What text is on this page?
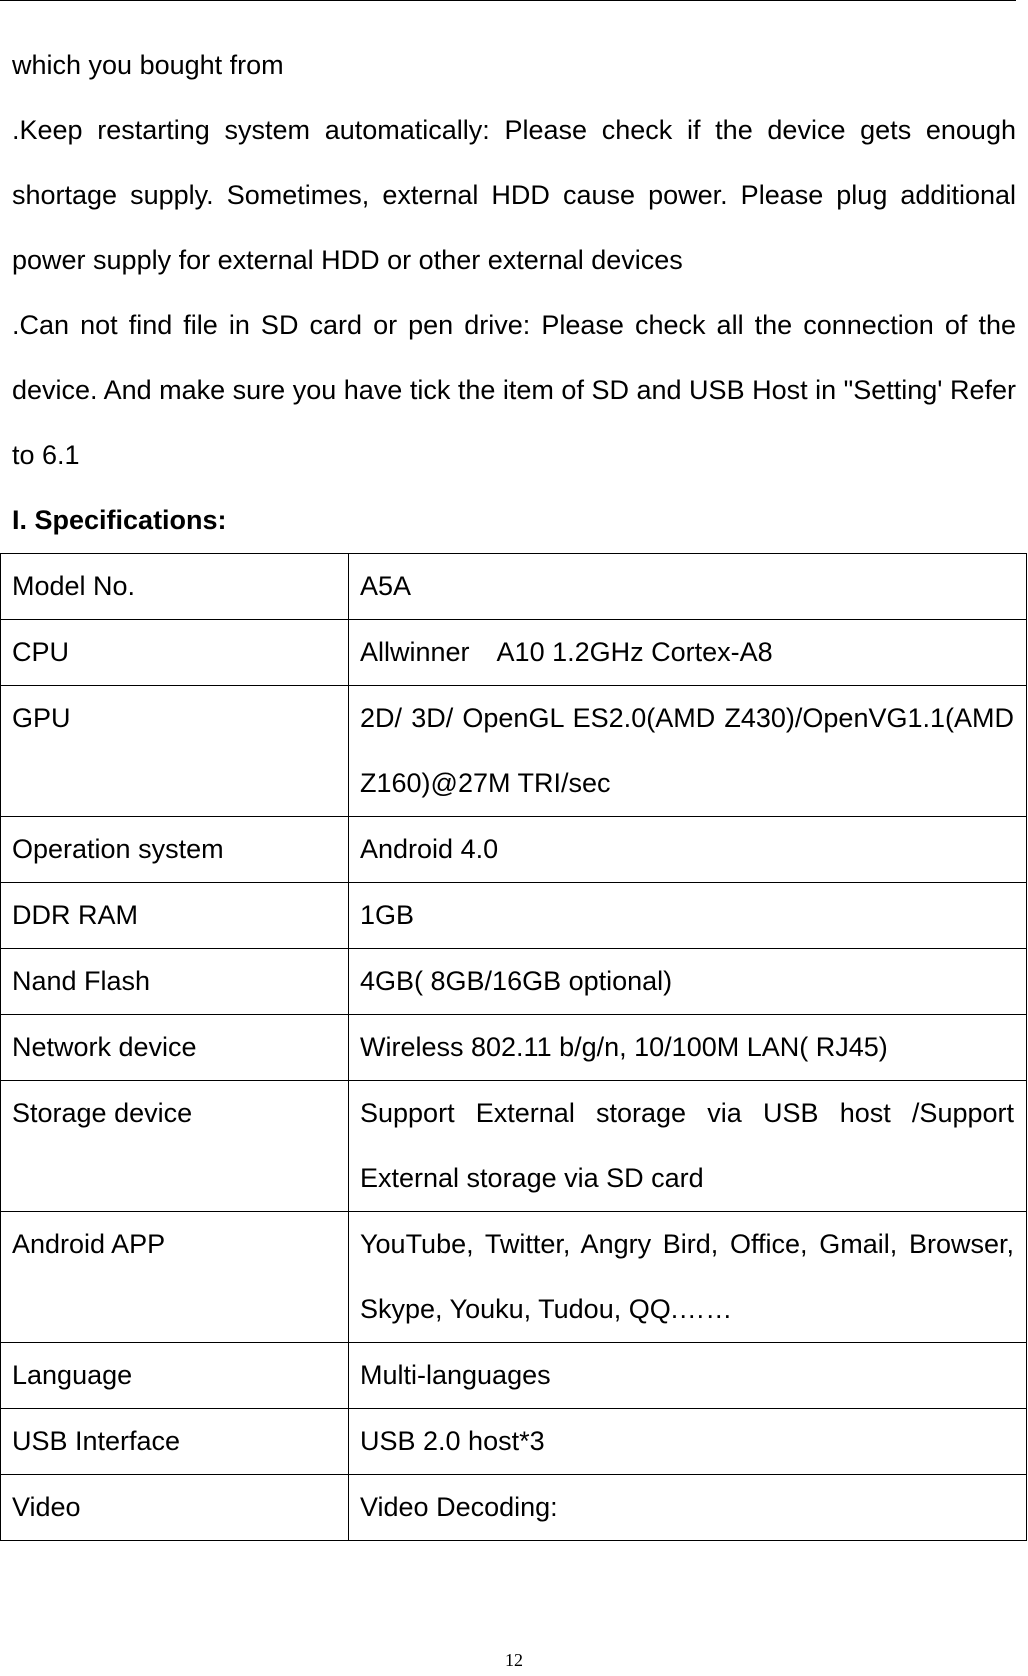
which you bought from

.Keep restarting system automatically: Please check if the device gets enough shortage supply. Sometimes, external HDD cause power. Please plug additional power supply for external HDD or other external devices

.Can not find file in SD card or pen drive: Please check all the connection of the device. And make sure you have tick the item of SD and USB Host in "Setting' Refer to 6.1

I. Specifications:

Model No.	A5A
CPU	Allwinner　A10 1.2GHz Cortex-A8
GPU	2D/ 3D/ OpenGL ES2.0(AMD Z430)/OpenVG1.1(AMD Z160)@27M TRI/sec
Operation system	Android 4.0
DDR RAM	1GB
Nand Flash	4GB( 8GB/16GB optional)
Network device	Wireless 802.11 b/g/n, 10/100M LAN( RJ45)
Storage device	Support External storage via USB host /Support External storage via SD card
Android APP	YouTube, Twitter, Angry Bird, Office, Gmail, Browser, Skype, Youku, Tudou, QQ.……
Language	Multi-languages
USB Interface	USB 2.0 host*3
Video	Video Decoding:
12
